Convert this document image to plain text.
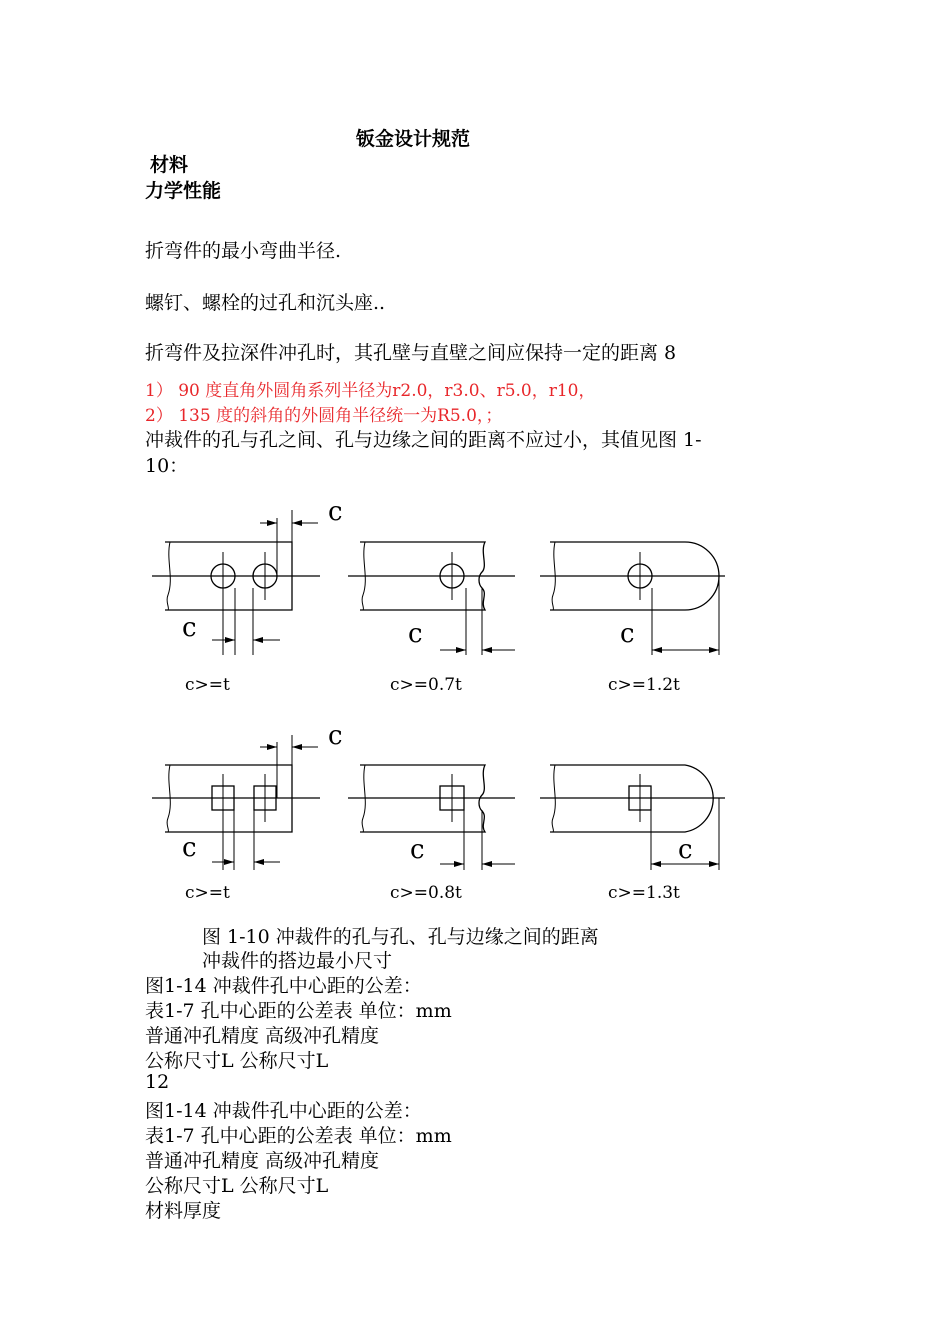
钣金设计规范
材料
力学性能
折弯件的最小弯曲半径.
螺钉、螺栓的过孔和沉头座..
折弯件及拉深件冲孔时，其孔壁与直壁之间应保持一定的距离 8
1） 90 度直角外圆角系列半径为r2.0，r3.0、r5.0，r10，
2） 135 度的斜角的外圆角半径统一为R5.0，；
冲裁件的孔与孔之间、孔与边缘之间的距离不应过小，其值见图 1-
10：
c
c	c	c
c
c	c	c
c>=t	c>=0.7t	c>=1.2t
c>=t	c>=0.8t	c>=1.3t
图 1-10 冲裁件的孔与孔、孔与边缘之间的距离
冲裁件的搭边最小尺寸
图1-14 冲裁件孔中心距的公差：
表1-7 孔中心距的公差表 单位：mm
普通冲孔精度 高级冲孔精度
公称尺寸L 公称尺寸L
12
图1-14 冲裁件孔中心距的公差：
表1-7 孔中心距的公差表 单位：mm
普通冲孔精度 高级冲孔精度
公称尺寸L 公称尺寸L
材料厚度
